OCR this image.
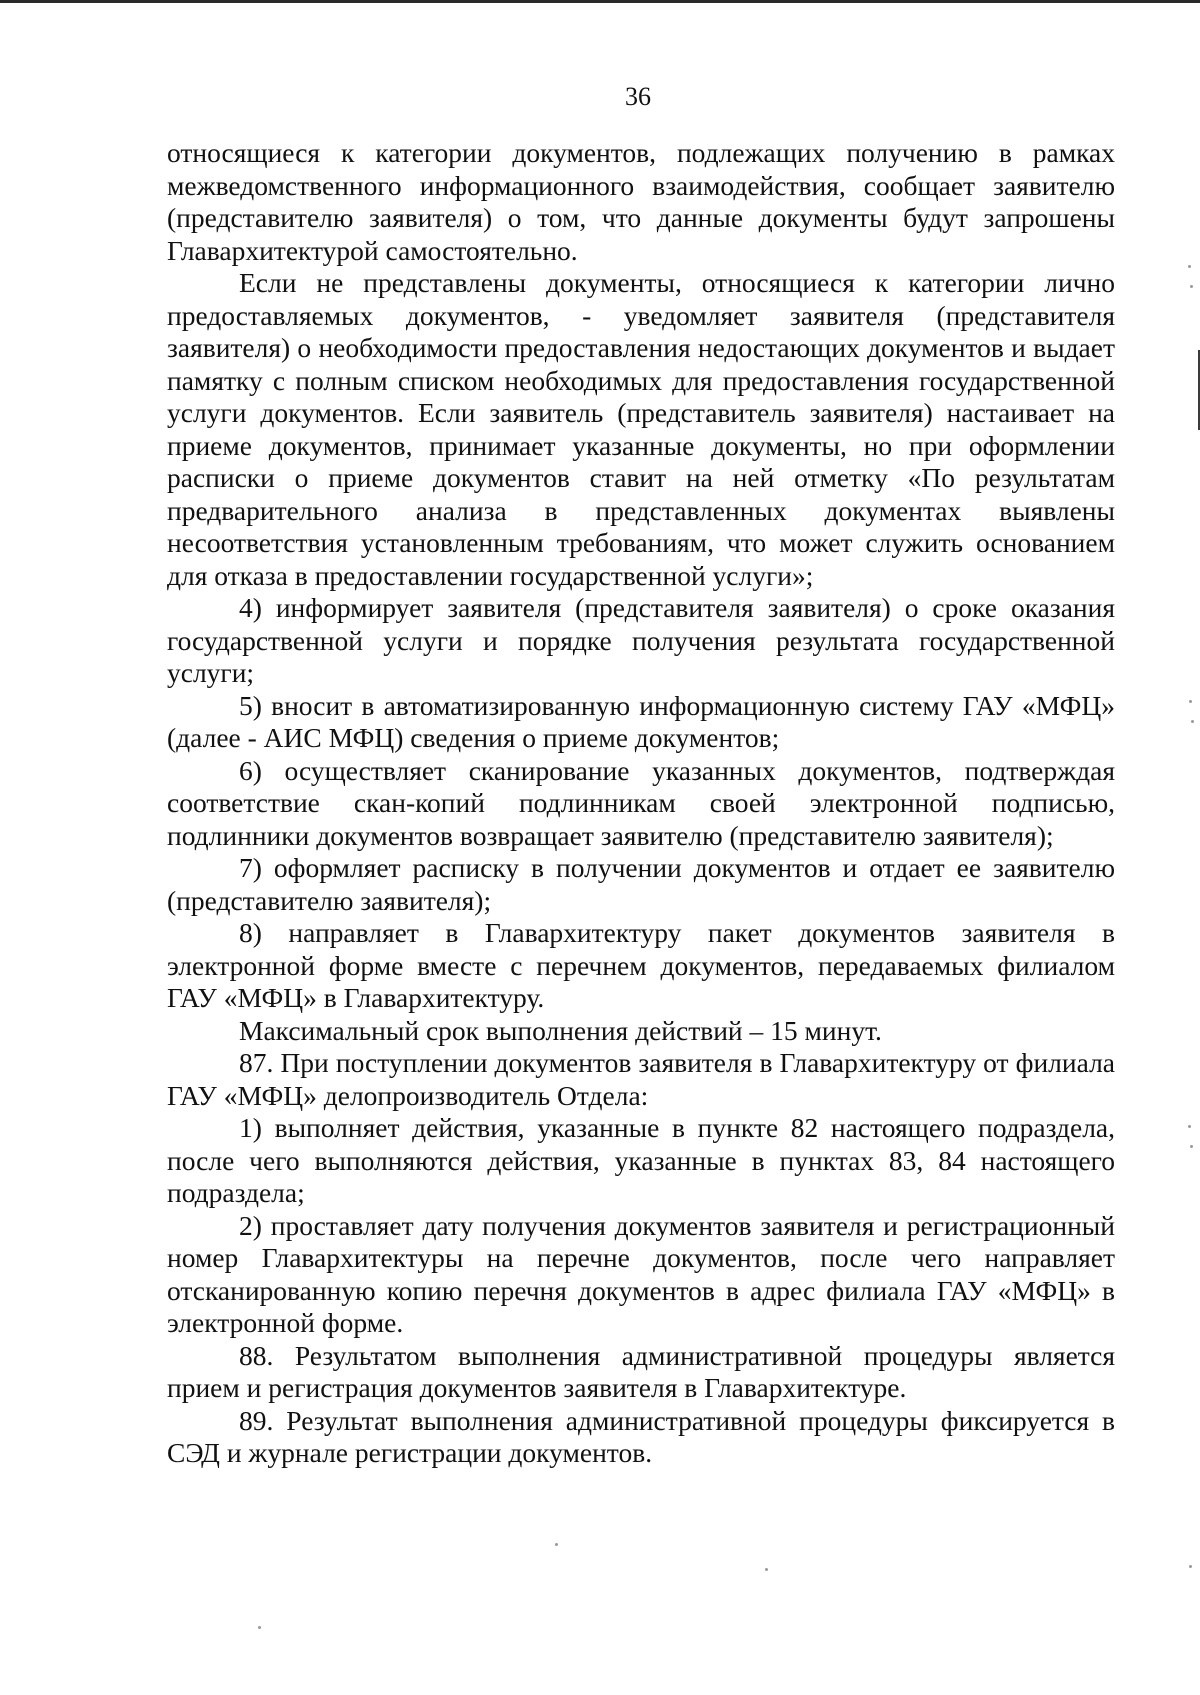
36

относящиеся к категории документов, подлежащих получению в рамках межведомственного информационного взаимодействия, сообщает заявителю (представителю заявителя) о том, что данные документы будут запрошены Главархитектурой самостоятельно.

Если не представлены документы, относящиеся к категории лично предоставляемых документов, - уведомляет заявителя (представителя заявителя) о необходимости предоставления недостающих документов и выдает памятку с полным списком необходимых для предоставления государственной услуги документов. Если заявитель (представитель заявителя) настаивает на приеме документов, принимает указанные документы, но при оформлении расписки о приеме документов ставит на ней отметку «По результатам предварительного анализа в представленных документах выявлены несоответствия установленным требованиям, что может служить основанием для отказа в предоставлении государственной услуги»;

4) информирует заявителя (представителя заявителя) о сроке оказания государственной услуги и порядке получения результата государственной услуги;

5) вносит в автоматизированную информационную систему ГАУ «МФЦ» (далее - АИС МФЦ) сведения о приеме документов;

6) осуществляет сканирование указанных документов, подтверждая соответствие скан-копий подлинникам своей электронной подписью, подлинники документов возвращает заявителю (представителю заявителя);

7) оформляет расписку в получении документов и отдает ее заявителю (представителю заявителя);

8) направляет в Главархитектуру пакет документов заявителя в электронной форме вместе с перечнем документов, передаваемых филиалом ГАУ «МФЦ» в Главархитектуру.

Максимальный срок выполнения действий – 15 минут.

87. При поступлении документов заявителя в Главархитектуру от филиала ГАУ «МФЦ» делопроизводитель Отдела:

1) выполняет действия, указанные в пункте 82 настоящего подраздела, после чего выполняются действия, указанные в пунктах 83, 84 настоящего подраздела;

2) проставляет дату получения документов заявителя и регистрационный номер Главархитектуры на перечне документов, после чего направляет отсканированную копию перечня документов в адрес филиала ГАУ «МФЦ» в электронной форме.

88. Результатом выполнения административной процедуры является прием и регистрация документов заявителя в Главархитектуре.

89. Результат выполнения административной процедуры фиксируется в СЭД и журнале регистрации документов.
